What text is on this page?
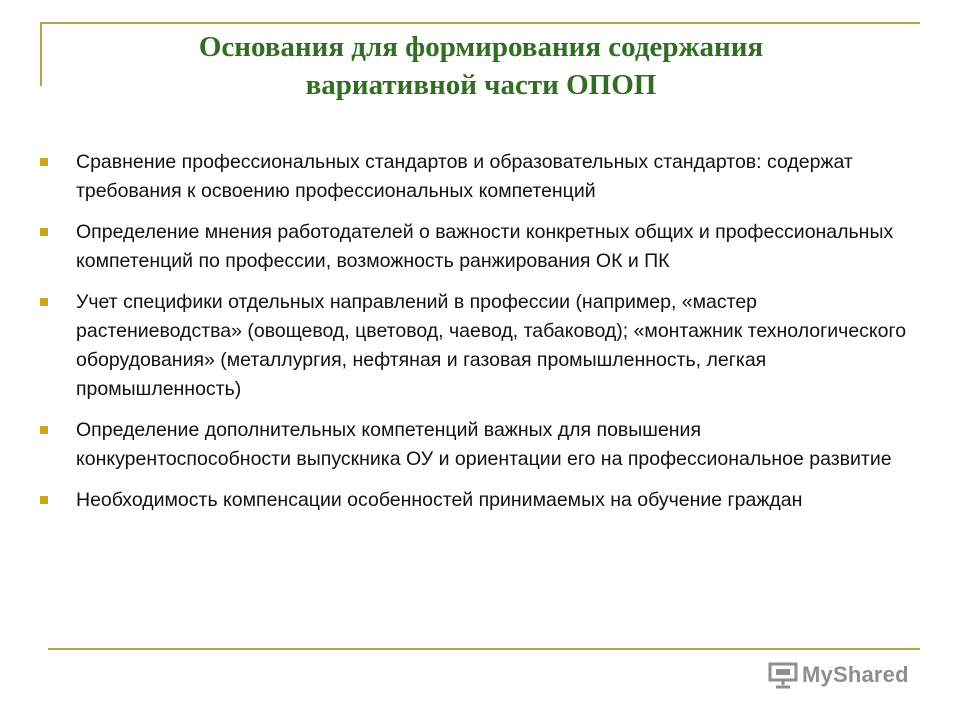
Основания для формирования содержания
вариативной части ОПОП
Сравнение профессиональных стандартов и образовательных стандартов: содержат требования к освоению профессиональных компетенций
Определение мнения работодателей о важности конкретных общих и профессиональных компетенций по профессии, возможность ранжирования ОК и ПК
Учет специфики отдельных направлений в профессии (например, «мастер растениеводства» (овощевод, цветовод, чаевод, табаковод); «монтажник технологического оборудования» (металлургия, нефтяная и газовая промышленность, легкая промышленность)
Определение дополнительных компетенций важных для повышения конкурентоспособности выпускника ОУ и ориентации его на профессиональное развитие
Необходимость компенсации особенностей принимаемых на обучение граждан
MyShared
